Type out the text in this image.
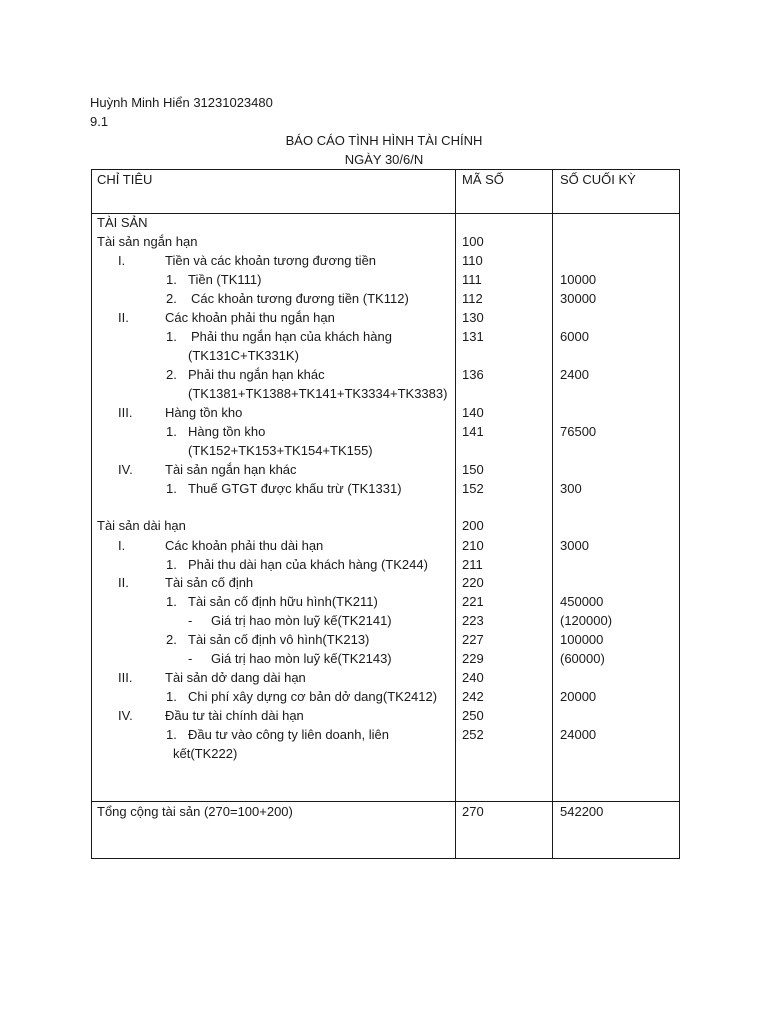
Huỳnh Minh Hiển 31231023480
9.1
BÁO CÁO TÌNH HÌNH TÀI CHÍNH
NGÀY 30/6/N
CHỈ TIÊU	MÃ SỐ	SỐ CUỐI KỲ
TÀI SẢN
Tài sản ngắn hạn	100
I.	Tiền và các khoản tương đương tiền	110
1. Tiền (TK111)	111	10000
2. Các khoản tương đương tiền (TK112)	112	30000
II.	Các khoản phải thu ngắn hạn	130
1. Phải thu ngắn hạn của khách hàng	131	6000
(TK131C+TK331K)
2. Phải thu ngắn hạn khác	136	2400
(TK1381+TK1388+TK141+TK3334+TK3383)
III.	Hàng tồn kho	140
1. Hàng tồn kho	141	76500
(TK152+TK153+TK154+TK155)
IV. Tài sản ngắn hạn khác	150
1. Thuế GTGT được khấu trừ (TK1331)	152	300
Tài sản dài hạn	200
I.	Các khoản phải thu dài hạn	210	3000
1. Phải thu dài hạn của khách hàng (TK244)	211
II.	Tài sản cố định	220
1. Tài sản cố định hữu hình(TK211)	221	450000
- Giá trị hao mòn luỹ kế(TK2141)	223	(120000)
2. Tài sản cố định vô hình(TK213)	227	100000
- Giá trị hao mòn luỹ kế(TK2143)	229	(60000)
III.	Tài sản dở dang dài hạn	240
1. Chi phí xây dựng cơ bản dở dang(TK2412) 242	20000
IV. Đầu tư tài chính dài hạn	250
1. Đầu tư vào công ty liên doanh, liên	252	24000
kết(TK222)
Tổng cộng tài sản (270=100+200)	270	542200
